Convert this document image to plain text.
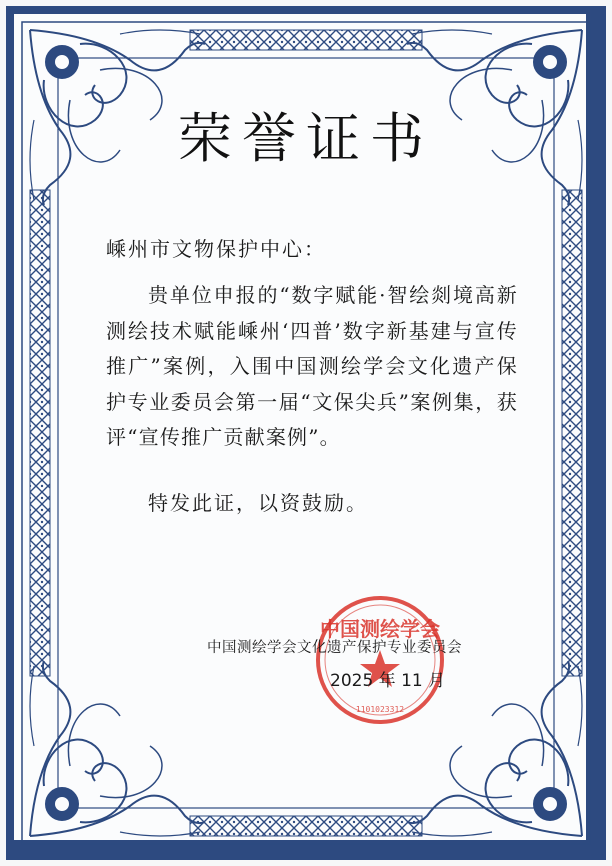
荣誉证书
嵊州市文物保护中心：
贵单位申报的“数字赋能·智绘剡境高新测绘技术赋能嵊州‘四普’数字新基建与宣传推广”案例，入围中国测绘学会文化遗产保护专业委员会第一届“文保尖兵”案例集，获评“宣传推广贡献案例”。
特发此证，以资鼓励。
中国测绘学会
1101023312
中国测绘学会文化遗产保护专业委员会
2025 年 11 月
